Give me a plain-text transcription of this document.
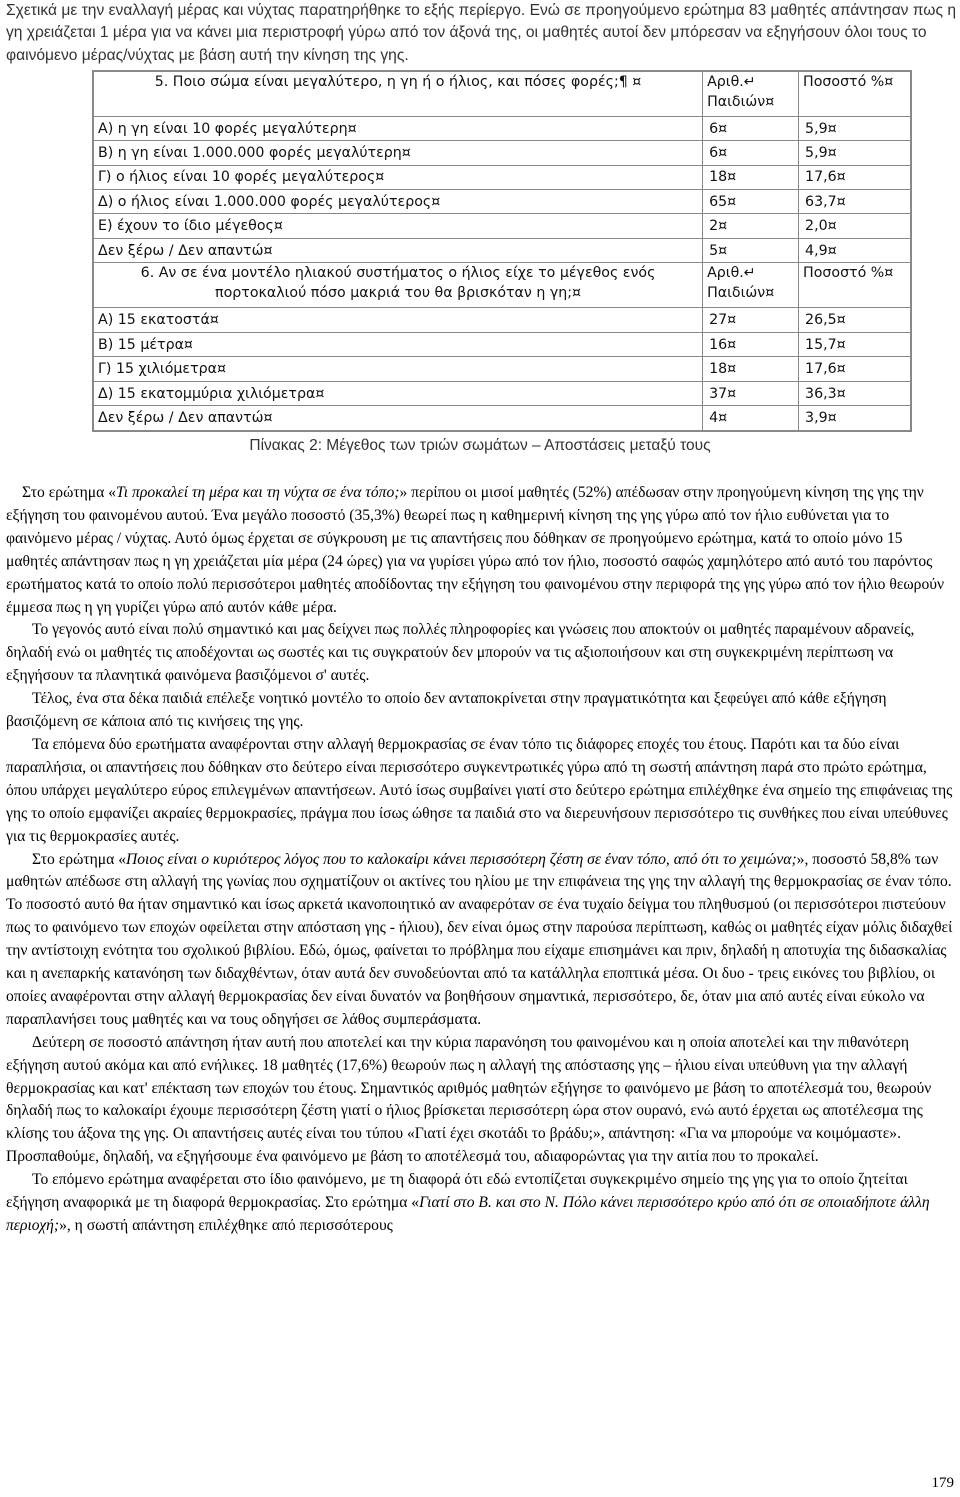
Σχετικά με την εναλλαγή μέρας και νύχτας παρατηρήθηκε το εξής περίεργο. Ενώ σε προηγούμενο ερώτημα 83 μαθητές απάντησαν πως η γη χρειάζεται 1 μέρα για να κάνει μια περιστροφή γύρω από τον άξονά της, οι μαθητές αυτοί δεν μπόρεσαν να εξηγήσουν όλοι τους το φαινόμενο μέρας/νύχτας με βάση αυτή την κίνηση της γης.
5. Ποιο σώμα είναι μεγαλύτερο, η γη ή ο ήλιος, και πόσες φορές;¶ ¤	Αριθ.↵ Παιδιών¤	Ποσοστό %¤
Α) η γη είναι 10 φορές μεγαλύτερη¤	6¤	5,9¤
Β) η γη είναι 1.000.000 φορές μεγαλύτερη¤	6¤	5,9¤
Γ) ο ήλιος είναι 10 φορές μεγαλύτερος¤	18¤	17,6¤
Δ) ο ήλιος είναι 1.000.000 φορές μεγαλύτερος¤	65¤	63,7¤
Ε) έχουν το ίδιο μέγεθος¤	2¤	2,0¤
Δεν ξέρω / Δεν απαντώ¤	5¤	4,9¤
6. Αν σε ένα μοντέλο ηλιακού συστήματος ο ήλιος είχε το μέγεθος ενός πορτοκαλιού πόσο μακριά του θα βρισκόταν η γη;¤	Αριθ.↵ Παιδιών¤	Ποσοστό %¤
Α) 15 εκατοστά¤	27¤	26,5¤
Β) 15 μέτρα¤	16¤	15,7¤
Γ) 15 χιλιόμετρα¤	18¤	17,6¤
Δ) 15 εκατομμύρια χιλιόμετρα¤	37¤	36,3¤
Δεν ξέρω / Δεν απαντώ¤	4¤	3,9¤
Πίνακας 2: Μέγεθος των τριών σωμάτων – Αποστάσεις μεταξύ τους

Στο ερώτημα «Τι προκαλεί τη μέρα και τη νύχτα σε ένα τόπο;» περίπου οι μισοί μαθητές (52%) απέδωσαν στην προηγούμενη κίνηση της γης την εξήγηση του φαινομένου αυτού. Ένα μεγάλο ποσοστό (35,3%) θεωρεί πως η καθημερινή κίνηση της γης γύρω από τον ήλιο ευθύνεται για το φαινόμενο μέρας / νύχτας. Αυτό όμως έρχεται σε σύγκρουση με τις απαντήσεις που δόθηκαν σε προηγούμενο ερώτημα, κατά το οποίο μόνο 15 μαθητές απάντησαν πως η γη χρειάζεται μία μέρα (24 ώρες) για να γυρίσει γύρω από τον ήλιο, ποσοστό σαφώς χαμηλότερο από αυτό του παρόντος ερωτήματος κατά το οποίο πολύ περισσότεροι μαθητές αποδίδοντας την εξήγηση του φαινομένου στην περιφορά της γης γύρω από τον ήλιο θεωρούν έμμεσα πως η γη γυρίζει γύρω από αυτόν κάθε μέρα.

Το γεγονός αυτό είναι πολύ σημαντικό και μας δείχνει πως πολλές πληροφορίες και γνώσεις που αποκτούν οι μαθητές παραμένουν αδρανείς, δηλαδή ενώ οι μαθητές τις αποδέχονται ως σωστές και τις συγκρατούν δεν μπορούν να τις αξιοποιήσουν και στη συγκεκριμένη περίπτωση να εξηγήσουν τα πλανητικά φαινόμενα βασιζόμενοι σ' αυτές.

Τέλος, ένα στα δέκα παιδιά επέλεξε νοητικό μοντέλο το οποίο δεν ανταποκρίνεται στην πραγματικότητα και ξεφεύγει από κάθε εξήγηση βασιζόμενη σε κάποια από τις κινήσεις της γης.

Τα επόμενα δύο ερωτήματα αναφέρονται στην αλλαγή θερμοκρασίας σε έναν τόπο τις διάφορες εποχές του έτους. Παρότι και τα δύο είναι παραπλήσια, οι απαντήσεις που δόθηκαν στο δεύτερο είναι περισσότερο συγκεντρωτικές γύρω από τη σωστή απάντηση παρά στο πρώτο ερώτημα, όπου υπάρχει μεγαλύτερο εύρος επιλεγμένων απαντήσεων. Αυτό ίσως συμβαίνει γιατί στο δεύτερο ερώτημα επιλέχθηκε ένα σημείο της επιφάνειας της γης το οποίο εμφανίζει ακραίες θερμοκρασίες, πράγμα που ίσως ώθησε τα παιδιά στο να διερευνήσουν περισσότερο τις συνθήκες που είναι υπεύθυνες για τις θερμοκρασίες αυτές.

Στο ερώτημα «Ποιος είναι ο κυριότερος λόγος που το καλοκαίρι κάνει περισσότερη ζέστη σε έναν τόπο, από ότι το χειμώνα;», ποσοστό 58,8% των μαθητών απέδωσε στη αλλαγή της γωνίας που σχηματίζουν οι ακτίνες του ηλίου με την επιφάνεια της γης την αλλαγή της θερμοκρασίας σε έναν τόπο. Το ποσοστό αυτό θα ήταν σημαντικό και ίσως αρκετά ικανοποιητικό αν αναφερόταν σε ένα τυχαίο δείγμα του πληθυσμού (οι περισσότεροι πιστεύουν πως το φαινόμενο των εποχών οφείλεται στην απόσταση γης - ήλιου), δεν είναι όμως στην παρούσα περίπτωση, καθώς οι μαθητές είχαν μόλις διδαχθεί την αντίστοιχη ενότητα του σχολικού βιβλίου. Εδώ, όμως, φαίνεται το πρόβλημα που είχαμε επισημάνει και πριν, δηλαδή η αποτυχία της διδασκαλίας και η ανεπαρκής κατανόηση των διδαχθέντων, όταν αυτά δεν συνοδεύονται από τα κατάλληλα εποπτικά μέσα. Οι δυο - τρεις εικόνες του βιβλίου, οι οποίες αναφέρονται στην αλλαγή θερμοκρασίας δεν είναι δυνατόν να βοηθήσουν σημαντικά, περισσότερο, δε, όταν μια από αυτές είναι εύκολο να παραπλανήσει τους μαθητές και να τους οδηγήσει σε λάθος συμπεράσματα.

Δεύτερη σε ποσοστό απάντηση ήταν αυτή που αποτελεί και την κύρια παρανόηση του φαινομένου και η οποία αποτελεί και την πιθανότερη εξήγηση αυτού ακόμα και από ενήλικες. 18 μαθητές (17,6%) θεωρούν πως η αλλαγή της απόστασης γης – ήλιου είναι υπεύθυνη για την αλλαγή θερμοκρασίας και κατ' επέκταση των εποχών του έτους. Σημαντικός αριθμός μαθητών εξήγησε το φαινόμενο με βάση το αποτέλεσμά του, θεωρούν δηλαδή πως το καλοκαίρι έχουμε περισσότερη ζέστη γιατί ο ήλιος βρίσκεται περισσότερη ώρα στον ουρανό, ενώ αυτό έρχεται ως αποτέλεσμα της κλίσης του άξονα της γης. Οι απαντήσεις αυτές είναι του τύπου «Γιατί έχει σκοτάδι το βράδυ;», απάντηση: «Για να μπορούμε να κοιμόμαστε». Προσπαθούμε, δηλαδή, να εξηγήσουμε ένα φαινόμενο με βάση το αποτέλεσμά του, αδιαφορώντας για την αιτία που το προκαλεί.

Το επόμενο ερώτημα αναφέρεται στο ίδιο φαινόμενο, με τη διαφορά ότι εδώ εντοπίζεται συγκεκριμένο σημείο της γης για το οποίο ζητείται εξήγηση αναφορικά με τη διαφορά θερμοκρασίας. Στο ερώτημα «Γιατί στο Β. και στο Ν. Πόλο κάνει περισσότερο κρύο από ότι σε οποιαδήποτε άλλη περιοχή;», η σωστή απάντηση επιλέχθηκε από περισσότερους

179
